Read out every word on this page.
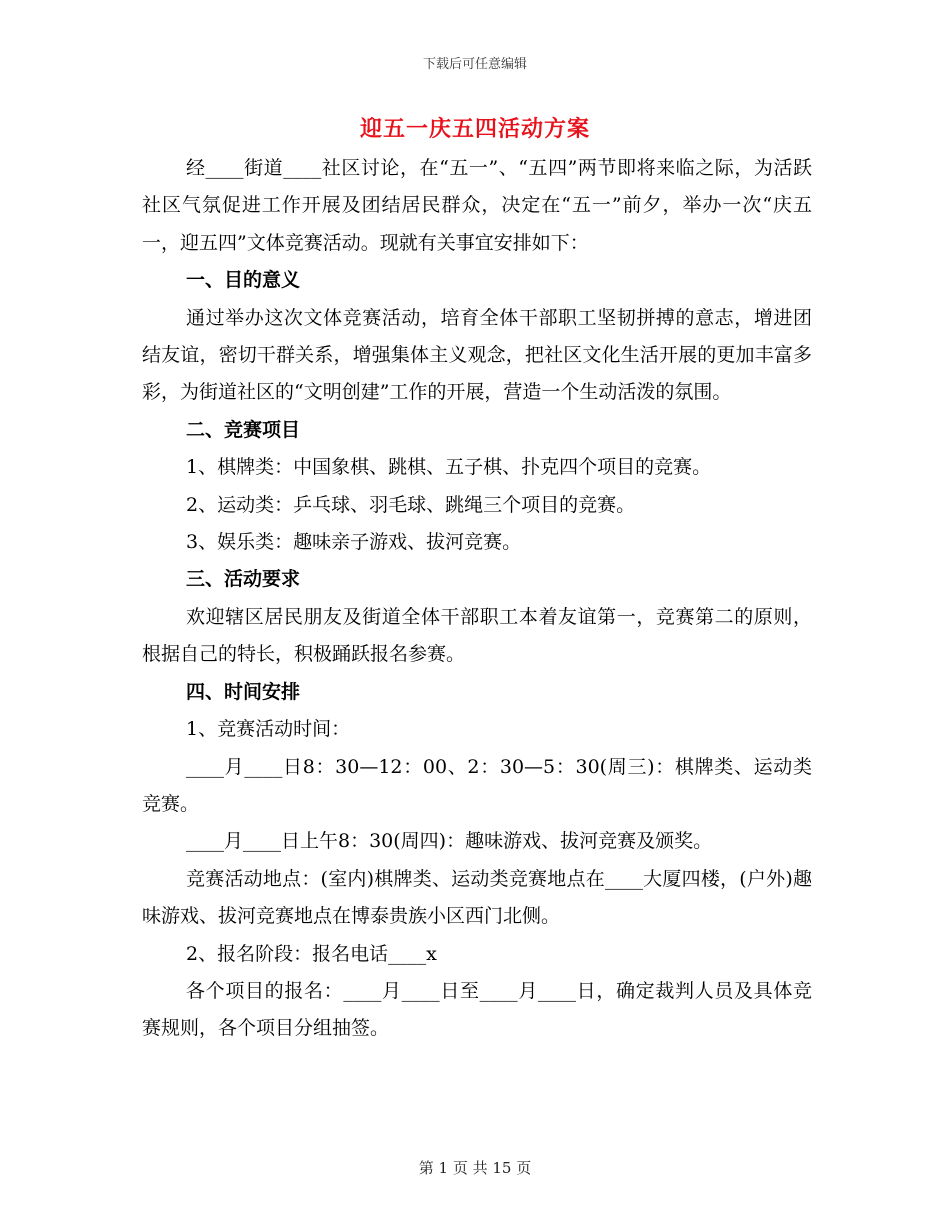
下载后可任意编辑
迎五一庆五四活动方案

经____街道____社区讨论，在“五一”、“五四”两节即将来临之际，为活跃社区气氛促进工作开展及团结居民群众，决定在“五一”前夕，举办一次“庆五一，迎五四”文体竞赛活动。现就有关事宜安排如下：

一、目的意义

通过举办这次文体竞赛活动，培育全体干部职工坚韧拼搏的意志，增进团结友谊，密切干群关系，增强集体主义观念，把社区文化生活开展的更加丰富多彩，为街道社区的“文明创建”工作的开展，营造一个生动活泼的氛围。

二、竞赛项目

1、棋牌类：中国象棋、跳棋、五子棋、扑克四个项目的竞赛。

2、运动类：乒乓球、羽毛球、跳绳三个项目的竞赛。

3、娱乐类：趣味亲子游戏、拔河竞赛。

三、活动要求

欢迎辖区居民朋友及街道全体干部职工本着友谊第一，竞赛第二的原则，根据自己的特长，积极踊跃报名参赛。

四、时间安排

1、竞赛活动时间：

____月____日8：30—12：00、2：30—5：30(周三)：棋牌类、运动类竞赛。

____月____日上午8：30(周四)：趣味游戏、拔河竞赛及颁奖。

竞赛活动地点：(室内)棋牌类、运动类竞赛地点在____大厦四楼，(户外)趣味游戏、拔河竞赛地点在博泰贵族小区西门北侧。

2、报名阶段：报名电话____x

各个项目的报名：____月____日至____月____日，确定裁判人员及具体竞赛规则，各个项目分组抽签。

第 1 页 共 15 页
